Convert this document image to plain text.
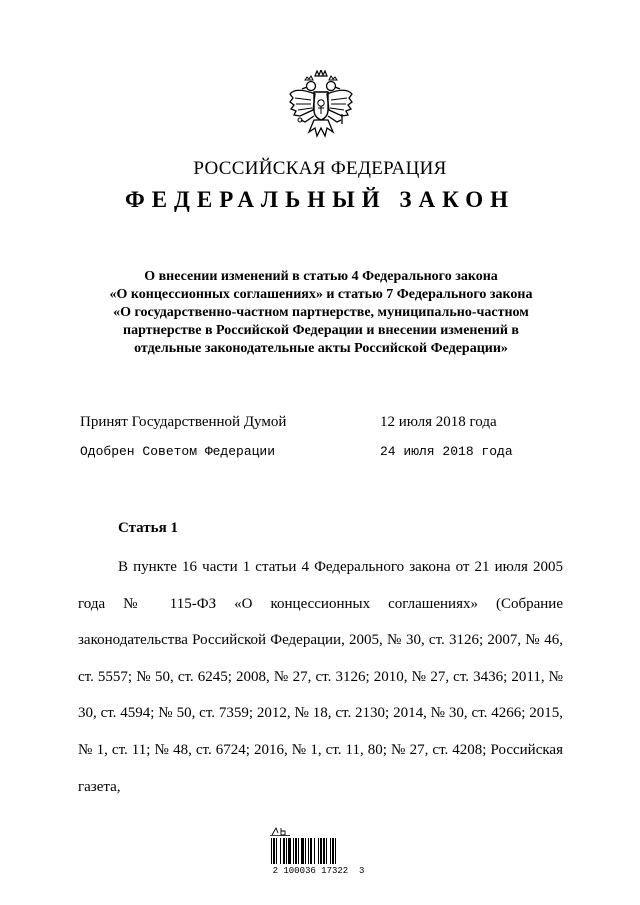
РОССИЙСКАЯ ФЕДЕРАЦИЯ
ФЕДЕРАЛЬНЫЙ ЗАКОН
О внесении изменений в статью 4 Федерального закона
«О концессионных соглашениях» и статью 7 Федерального закона
«О государственно-частном партнерстве, муниципально-частном
партнерстве в Российской Федерации и внесении изменений в
отдельные законодательные акты Российской Федерации»
Принят Государственной Думой	12 июля 2018 года
Одобрен Советом Федерации	24 июля 2018 года
Статья 1

В пункте 16 части 1 статьи 4 Федерального закона от 21 июля 2005 года № 115-ФЗ «О концессионных соглашениях» (Собрание законодательства Российской Федерации, 2005, № 30, ст. 3126; 2007, № 46, ст. 5557; № 50, ст. 6245; 2008, № 27, ст. 3126; 2010, № 27, ст. 3436; 2011, № 30, ст. 4594; № 50, ст. 7359; 2012, № 18, ст. 2130; 2014, № 30, ст. 4266; 2015, № 1, ст. 11; № 48, ст. 6724; 2016, № 1, ст. 11, 80; № 27, ст. 4208; Российская газета,

2 100036 17322  3
